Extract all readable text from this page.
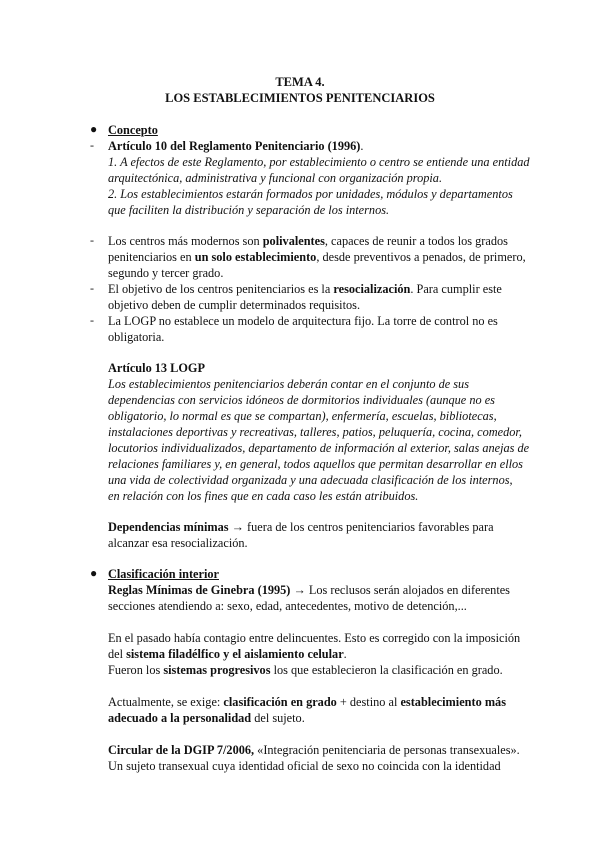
TEMA 4.
LOS ESTABLECIMIENTOS PENITENCIARIOS
● Concepto
- Artículo 10 del Reglamento Penitenciario (1996).
1. A efectos de este Reglamento, por establecimiento o centro se entiende una entidad
arquitectónica, administrativa y funcional con organización propia.
2. Los establecimientos estarán formados por unidades, módulos y departamentos
que faciliten la distribución y separación de los internos.
- Los centros más modernos son polivalentes, capaces de reunir a todos los grados
penitenciarios en un solo establecimiento, desde preventivos a penados, de primero,
segundo y tercer grado.
- El objetivo de los centros penitenciarios es la resocialización. Para cumplir este
objetivo deben de cumplir determinados requisitos.
- La LOGP no establece un modelo de arquitectura fijo. La torre de control no es
obligatoria.
Artículo 13 LOGP
Los establecimientos penitenciarios deberán contar en el conjunto de sus
dependencias con servicios idóneos de dormitorios individuales (aunque no es
obligatorio, lo normal es que se compartan), enfermería, escuelas, bibliotecas,
instalaciones deportivas y recreativas, talleres, patios, peluquería, cocina, comedor,
locutorios individualizados, departamento de información al exterior, salas anejas de
relaciones familiares y, en general, todos aquellos que permitan desarrollar en ellos
una vida de colectividad organizada y una adecuada clasificación de los internos,
en relación con los fines que en cada caso les están atribuidos.
Dependencias mínimas → fuera de los centros penitenciarios favorables para
alcanzar esa resocialización.
● Clasificación interior
Reglas Mínimas de Ginebra (1995) → Los reclusos serán alojados en diferentes
secciones atendiendo a: sexo, edad, antecedentes, motivo de detención,...
En el pasado había contagio entre delincuentes. Esto es corregido con la imposición
del sistema filadélfico y el aislamiento celular.
Fueron los sistemas progresivos los que establecieron la clasificación en grado.
Actualmente, se exige: clasificación en grado + destino al establecimiento más
adecuado a la personalidad del sujeto.
Circular de la DGIP 7/2006, «Integración penitenciaria de personas transexuales».
Un sujeto transexual cuya identidad oficial de sexo no coincida con la identidad
